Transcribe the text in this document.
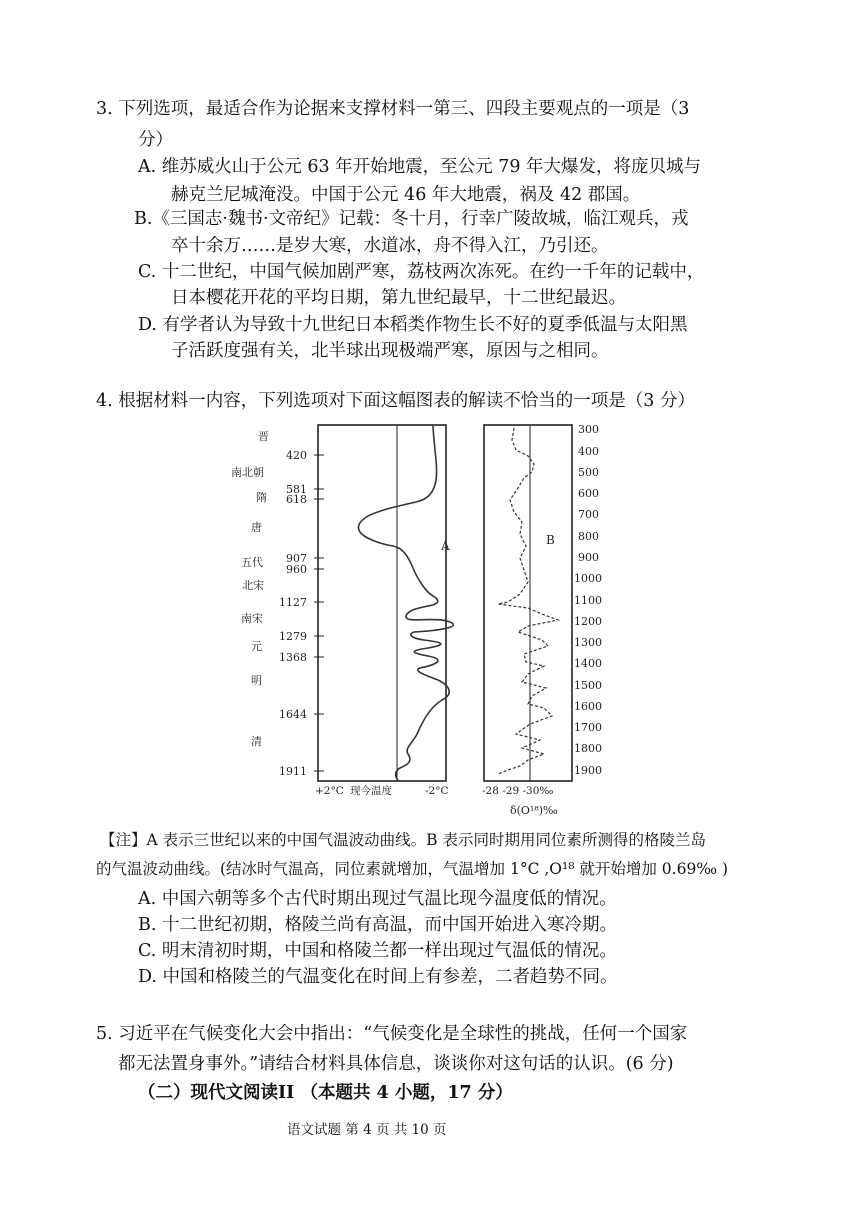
3. 下列选项，最适合作为论据来支撑材料一第三、四段主要观点的一项是（3
分）
A. 维苏威火山于公元 63 年开始地震，至公元 79 年大爆发，将庞贝城与
赫克兰尼城淹没。中国于公元 46 年大地震，祸及 42 郡国。
B.《三国志·魏书·文帝纪》记载：冬十月，行幸广陵故城，临江观兵，戎
卒十余万……是岁大寒，水道冰，舟不得入江，乃引还。
C. 十二世纪，中国气候加剧严寒，荔枝两次冻死。在约一千年的记载中，
日本樱花开花的平均日期，第九世纪最早，十二世纪最迟。
D. 有学者认为导致十九世纪日本稻类作物生长不好的夏季低温与太阳黑
子活跃度强有关，北半球出现极端严寒，原因与之相同。
4. 根据材料一内容，下列选项对下面这幅图表的解读不恰当的一项是（3 分）
A
晋
南北朝
隋
唐
五代
北宋
南宋
元
明
清
420
581
618
907
960
1127
1279
1368
1644
1911
+2°C 现今温度	-2°C
B
300
400
500
600
700
800
900
1000
1100
1200
1300
1400
1500
1600
1700
1800
1900
-28 -29 -30‰
δ(O¹⁸)‰
【注】A 表示三世纪以来的中国气温波动曲线。B 表示同时期用同位素所测得的格陵兰岛
的气温波动曲线。(结冰时气温高，同位素就增加，气温增加 1°C ,O¹⁸ 就开始增加 0.69‰ )
A. 中国六朝等多个古代时期出现过气温比现今温度低的情况。
B. 十二世纪初期，格陵兰尚有高温，而中国开始进入寒冷期。
C. 明末清初时期，中国和格陵兰都一样出现过气温低的情况。
D. 中国和格陵兰的气温变化在时间上有参差，二者趋势不同。
5. 习近平在气候变化大会中指出：“气候变化是全球性的挑战，任何一个国家
都无法置身事外。”请结合材料具体信息，谈谈你对这句话的认识。(6 分)
（二）现代文阅读II （本题共 4 小题，17 分）
语文试题 第 4 页 共 10 页
